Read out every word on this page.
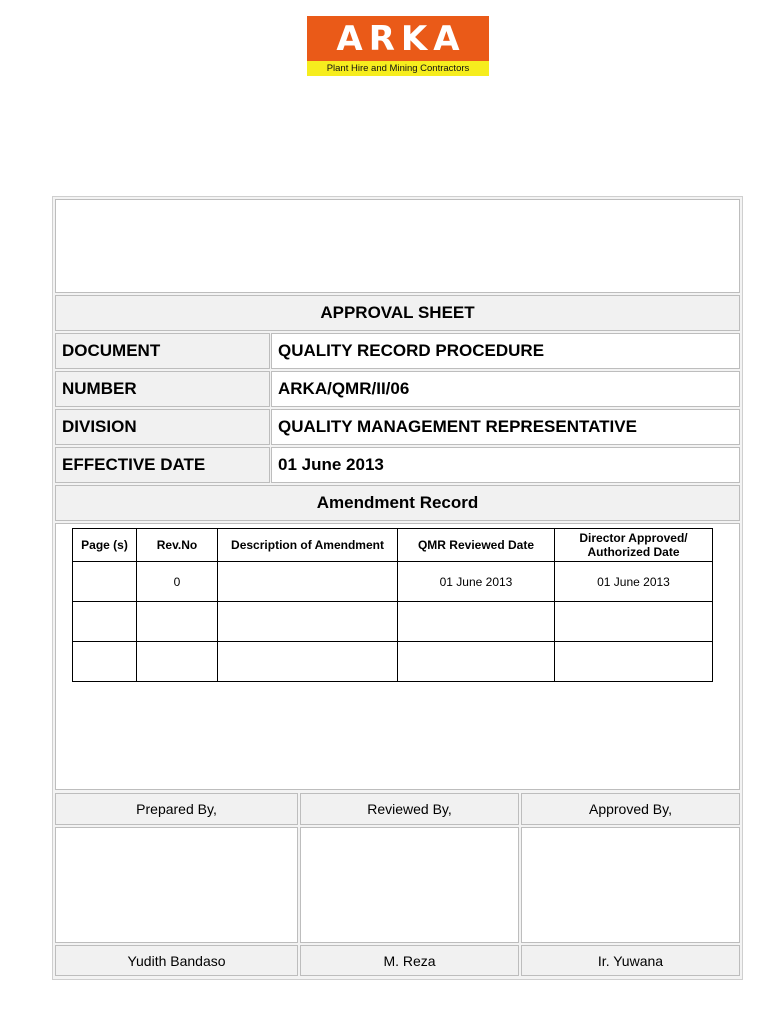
ARKA
Plant Hire and Mining Contractors
APPROVAL SHEET
DOCUMENT	QUALITY RECORD PROCEDURE
NUMBER	ARKA/QMR/II/06
DIVISION	QUALITY MANAGEMENT REPRESENTATIVE
EFFECTIVE DATE	01 June 2013
Amendment Record
Page (s)	Rev.No	Description of Amendment	QMR Reviewed Date	Director Approved/ Authorized Date
	0		01 June 2013	01 June 2013

Prepared By,	Reviewed By,	Approved By,
Yudith Bandaso	M. Reza	Ir. Yuwana
